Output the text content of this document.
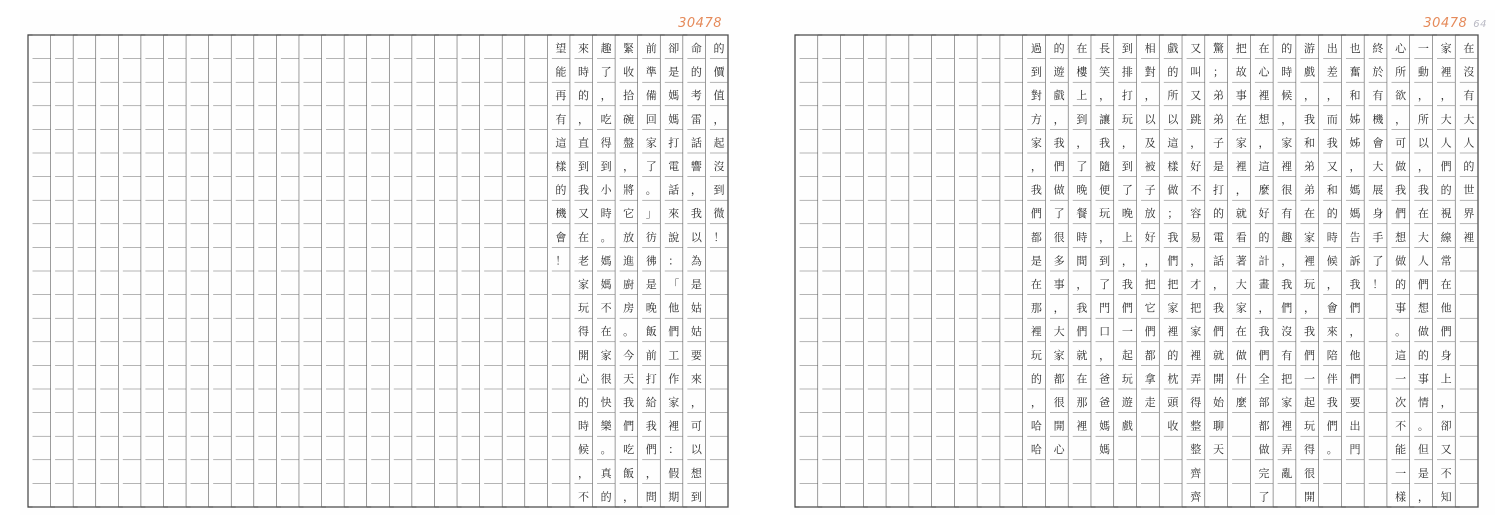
的
價
值
，
起
沒
到
微
！
命
的
考
雷
話
響
，
我
以
為
是
姑
姑
要
來
，
可
以
想
到
卻
是
媽
媽
打
電
話
來
說
：
「
他
們
工
作
家
裡
：
假
期
前
準
備
回
家
了
。
」
彷
彿
是
晚
飯
前
打
給
我
們
，
問
緊
收
拾
碗
盤
，
將
它
放
進
廚
房
。
今
天
我
們
吃
飯
，
趣
了
，
吃
得
到
小
時
。
媽
媽
不
在
家
很
快
樂
。
真
的
來
時
的
，
直
到
我
又
在
老
家
玩
得
開
心
的
時
候
，
不
望
能
再
有
這
樣
的
機
會
！
30478
在
沒
有
大
人
的
世
界
裡
家
裡
，
大
人
們
的
視
線
常
在
他
們
身
上
，
卻
又
不
知
一
動
，
所
以
，
我
在
大
人
們
想
做
的
事
情
。
但
是
，
心
所
欲
，
可
做
我
們
想
做
的
事
。
這
一
次
不
能
一
樣
終
於
有
機
會
大
展
身
手
了
！
也
奮
和
姊
姊
，
媽
媽
告
訴
我
們
，
他
們
要
出
門
出
差
，
而
我
又
和
的
時
候
，
會
來
陪
伴
我
們
。
游
戲
，
我
和
弟
弟
在
家
裡
玩
，
我
們
一
起
玩
得
很
開
的
時
候
，
家
裡
很
有
趣
，
我
們
沒
有
把
家
裡
弄
亂
在
心
裡
想
，
這
麼
好
的
計
畫
，
我
們
全
部
都
做
完
了
把
故
事
在
家
裡
，
就
看
著
大
家
在
做
什
麼
驚
；
弟
弟
子
是
打
的
電
話
，
我
們
就
開
始
聊
天
又
叫
又
跳
，
好
不
容
易
，
才
把
家
裡
弄
得
整
整
齊
齊
戲
的
所
以
這
樣
做
；
我
們
把
家
裡
的
枕
頭
收
相
對
，
以
及
被
子
放
好
，
把
它
們
都
拿
走
到
排
打
玩
，
到
了
晚
上
，
我
們
一
起
玩
遊
戲
長
笑
，
讓
我
隨
便
玩
，
到
了
門
口
，
爸
爸
媽
媽
在
樓
上
到
，
了
晚
餐
時
間
，
我
們
就
在
那
裡
的
遊
戲
，
我
們
做
了
很
多
事
，
大
家
都
很
開
心
過
到
對
方
家
，
我
們
都
是
在
那
裡
玩
的
，
哈
哈
30478 64
